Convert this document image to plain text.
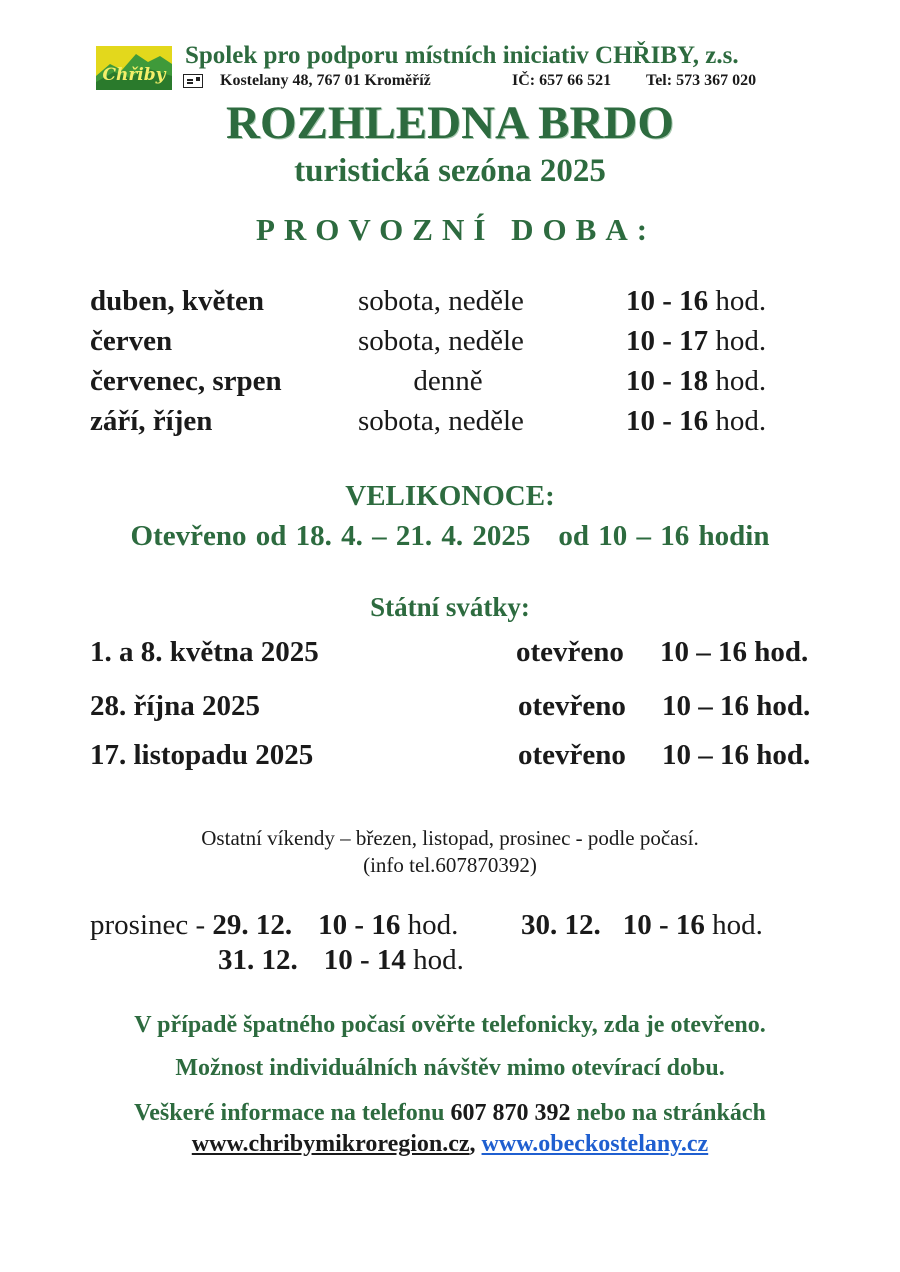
Chřiby
Spolek pro podporu místních iniciativ CHŘIBY, z.s.
Kostelany 48, 767 01 Kroměříž	IČ: 657 66 521 Tel: 573 367 020
ROZHLEDNA BRDO
turistická sezóna 2025
PROVOZNÍ DOBA:
duben, květen	sobota, neděle	10 - 16 hod.
červen	sobota, neděle	10 - 17 hod.
červenec, srpen	denně	10 - 18 hod.
září, říjen	sobota, neděle	10 - 16 hod.
VELIKONOCE:
Otevřeno od 18. 4. – 21. 4. 2025 od 10 – 16 hodin
Státní svátky:
1. a 8. května 2025	otevřeno 10 – 16 hod.
28. října 2025	otevřeno 10 – 16 hod.
17. listopadu 2025	otevřeno 10 – 16 hod.
Ostatní víkendy – březen, listopad, prosinec - podle počasí.
(info tel.607870392)
prosinec - 29. 12. 10 - 16 hod. 30. 12. 10 - 16 hod.
31. 12. 10 - 14 hod.
V případě špatného počasí ověřte telefonicky, zda je otevřeno.
Možnost individuálních návštěv mimo otevírací dobu.
Veškeré informace na telefonu 607 870 392 nebo na stránkách
www.chribymikroregion.cz, www.obeckostelany.cz
